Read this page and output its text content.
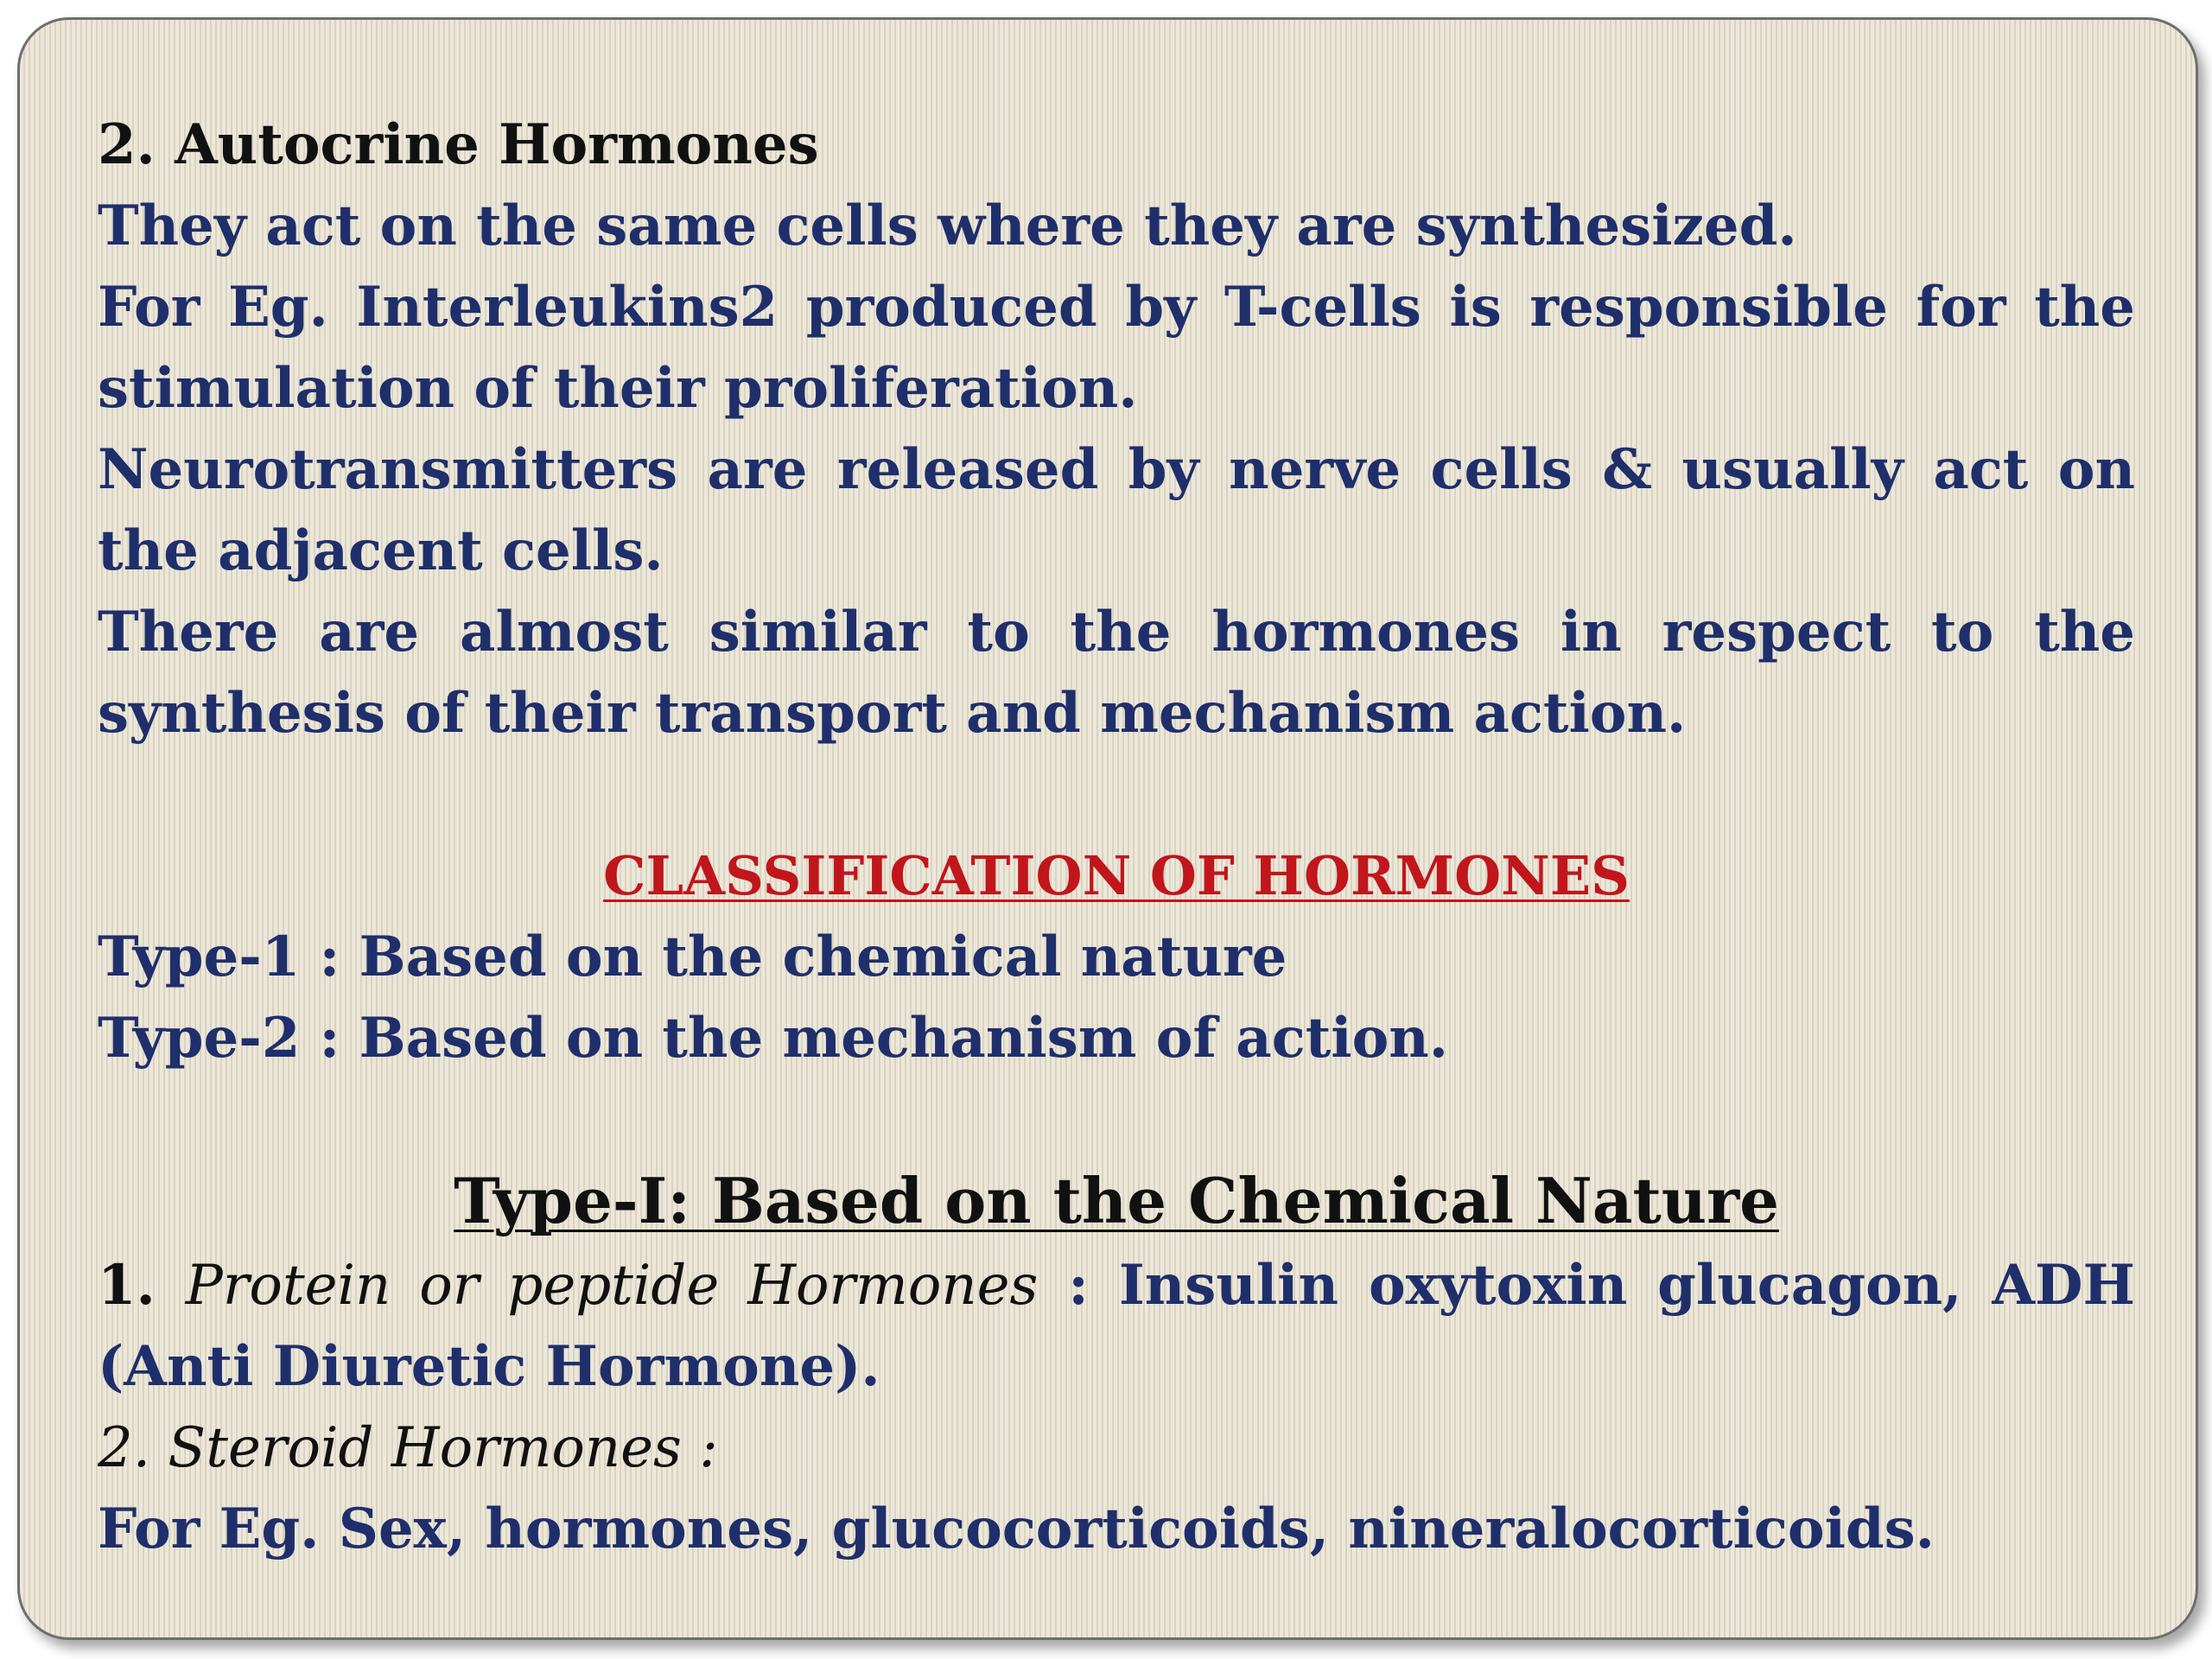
2. Autocrine Hormones

They act on the same cells where they are synthesized.

For Eg. Interleukins2 produced by T-cells is responsible for the stimulation of their proliferation.

Neurotransmitters are released by nerve cells & usually act on the adjacent cells.

There are almost similar to the hormones in respect to the synthesis of their transport and mechanism action.

CLASSIFICATION OF HORMONES

Type-1 : Based on the chemical nature

Type-2 : Based on the mechanism of action.

Type-I: Based on the Chemical Nature

1. Protein or peptide Hormones : Insulin oxytoxin glucagon, ADH (Anti Diuretic Hormone).

2. Steroid Hormones :

For Eg. Sex, hormones, glucocorticoids, nineralocorticoids.
